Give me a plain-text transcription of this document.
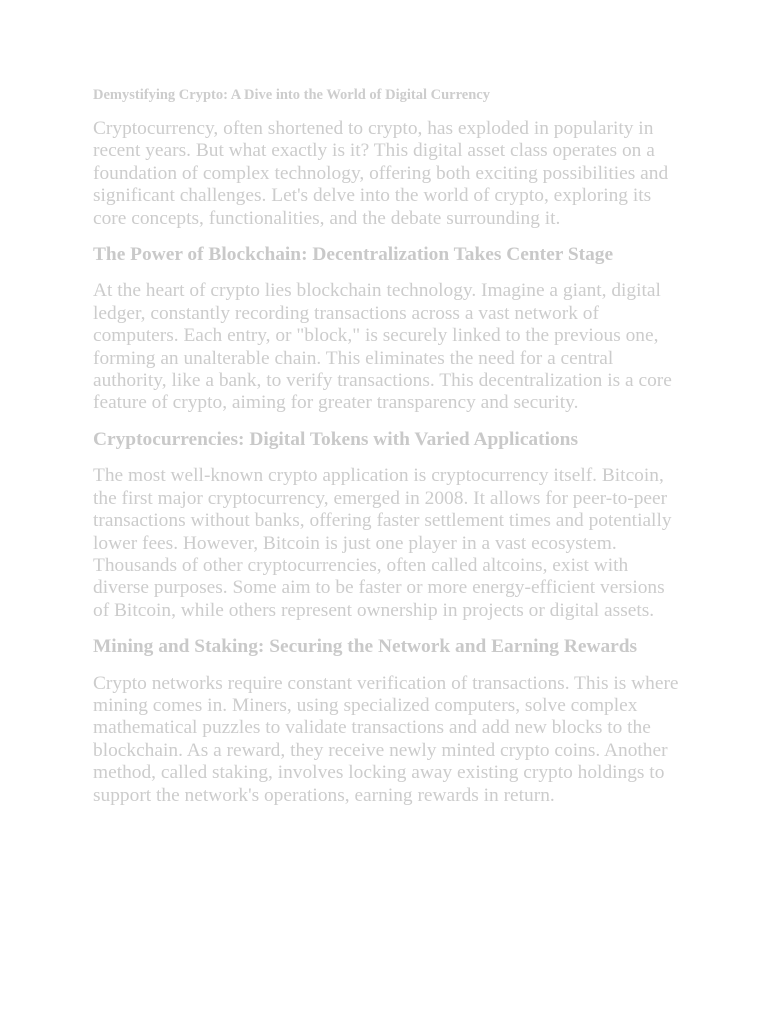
Demystifying Crypto: A Dive into the World of Digital Currency

Cryptocurrency, often shortened to crypto, has exploded in popularity in recent years. But what exactly is it? This digital asset class operates on a foundation of complex technology, offering both exciting possibilities and significant challenges. Let's delve into the world of crypto, exploring its core concepts, functionalities, and the debate surrounding it.

The Power of Blockchain: Decentralization Takes Center Stage

At the heart of crypto lies blockchain technology. Imagine a giant, digital ledger, constantly recording transactions across a vast network of computers. Each entry, or "block," is securely linked to the previous one, forming an unalterable chain. This eliminates the need for a central authority, like a bank, to verify transactions. This decentralization is a core feature of crypto, aiming for greater transparency and security.

Cryptocurrencies: Digital Tokens with Varied Applications

The most well-known crypto application is cryptocurrency itself. Bitcoin, the first major cryptocurrency, emerged in 2008. It allows for peer-to-peer transactions without banks, offering faster settlement times and potentially lower fees. However, Bitcoin is just one player in a vast ecosystem. Thousands of other cryptocurrencies, often called altcoins, exist with diverse purposes. Some aim to be faster or more energy-efficient versions of Bitcoin, while others represent ownership in projects or digital assets.

Mining and Staking: Securing the Network and Earning Rewards

Crypto networks require constant verification of transactions. This is where mining comes in. Miners, using specialized computers, solve complex mathematical puzzles to validate transactions and add new blocks to the blockchain. As a reward, they receive newly minted crypto coins. Another method, called staking, involves locking away existing crypto holdings to support the network's operations, earning rewards in return.
